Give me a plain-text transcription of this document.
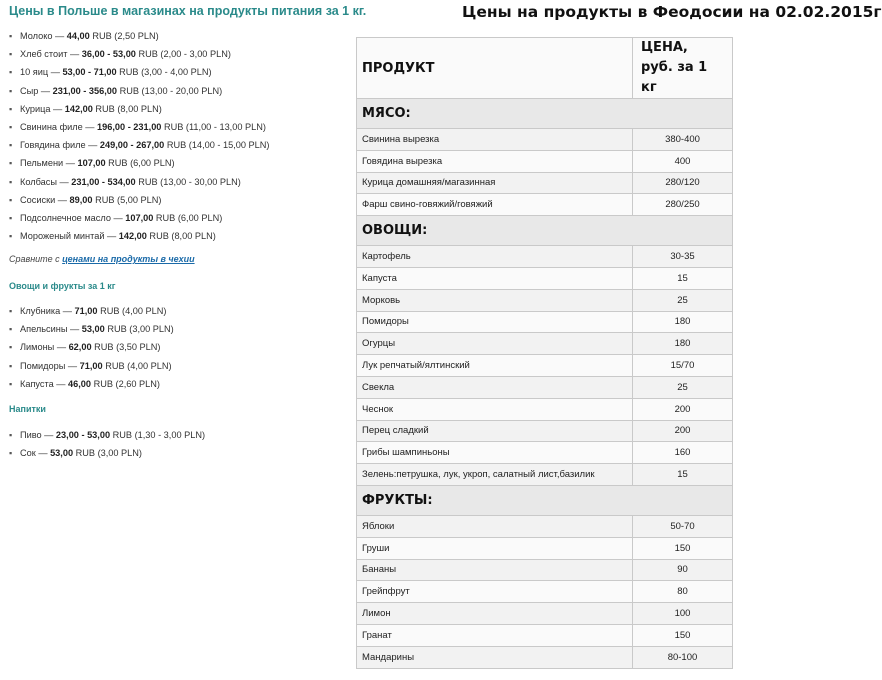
Цены в Польше в магазинах на продукты питания за 1 кг.
▪ Молоко — 44,00 RUB (2,50 PLN)
▪ Хлеб стоит — 36,00 - 53,00 RUB (2,00 - 3,00 PLN)
▪ 10 яиц — 53,00 - 71,00 RUB (3,00 - 4,00 PLN)
▪ Сыр — 231,00 - 356,00 RUB (13,00 - 20,00 PLN)
▪ Курица — 142,00 RUB (8,00 PLN)
▪ Свинина филе — 196,00 - 231,00 RUB (11,00 - 13,00 PLN)
▪ Говядина филе — 249,00 - 267,00 RUB (14,00 - 15,00 PLN)
▪ Пельмени — 107,00 RUB (6,00 PLN)
▪ Колбасы — 231,00 - 534,00 RUB (13,00 - 30,00 PLN)
▪ Сосиски — 89,00 RUB (5,00 PLN)
▪ Подсолнечное масло — 107,00 RUB (6,00 PLN)
▪ Мороженый минтай — 142,00 RUB (8,00 PLN)
Сравните с ценами на продукты в чехии
Овощи и фрукты за 1 кг
▪ Клубника — 71,00 RUB (4,00 PLN)
▪ Апельсины — 53,00 RUB (3,00 PLN)
▪ Лимоны — 62,00 RUB (3,50 PLN)
▪ Помидоры — 71,00 RUB (4,00 PLN)
▪ Капуста — 46,00 RUB (2,60 PLN)
Напитки
▪ Пиво — 23,00 - 53,00 RUB (1,30 - 3,00 PLN)
▪ Сок — 53,00 RUB (3,00 PLN)
Цены на продукты в Феодосии на 02.02.2015г
ПРОДУКТ	ЦЕНА,
руб. за 1 кг
МЯСО:	
Свинина вырезка	380-400
Говядина вырезка	400
Курица домашняя/магазинная	280/120
Фарш свино-говяжий/говяжий	280/250
ОВОЩИ:	
Картофель	30-35
Капуста	15
Морковь	25
Помидоры	180
Огурцы	180
Лук репчатый/ялтинский	15/70
Свекла	25
Чеснок	200
Перец сладкий	200
Грибы шампиньоны	160
Зелень:петрушка, лук, укроп, салатный лист,базилик	15
ФРУКТЫ:	
Яблоки	50-70
Груши	150
Бананы	90
Грейпфрут	80
Лимон	100
Гранат	150
Мандарины	80-100
